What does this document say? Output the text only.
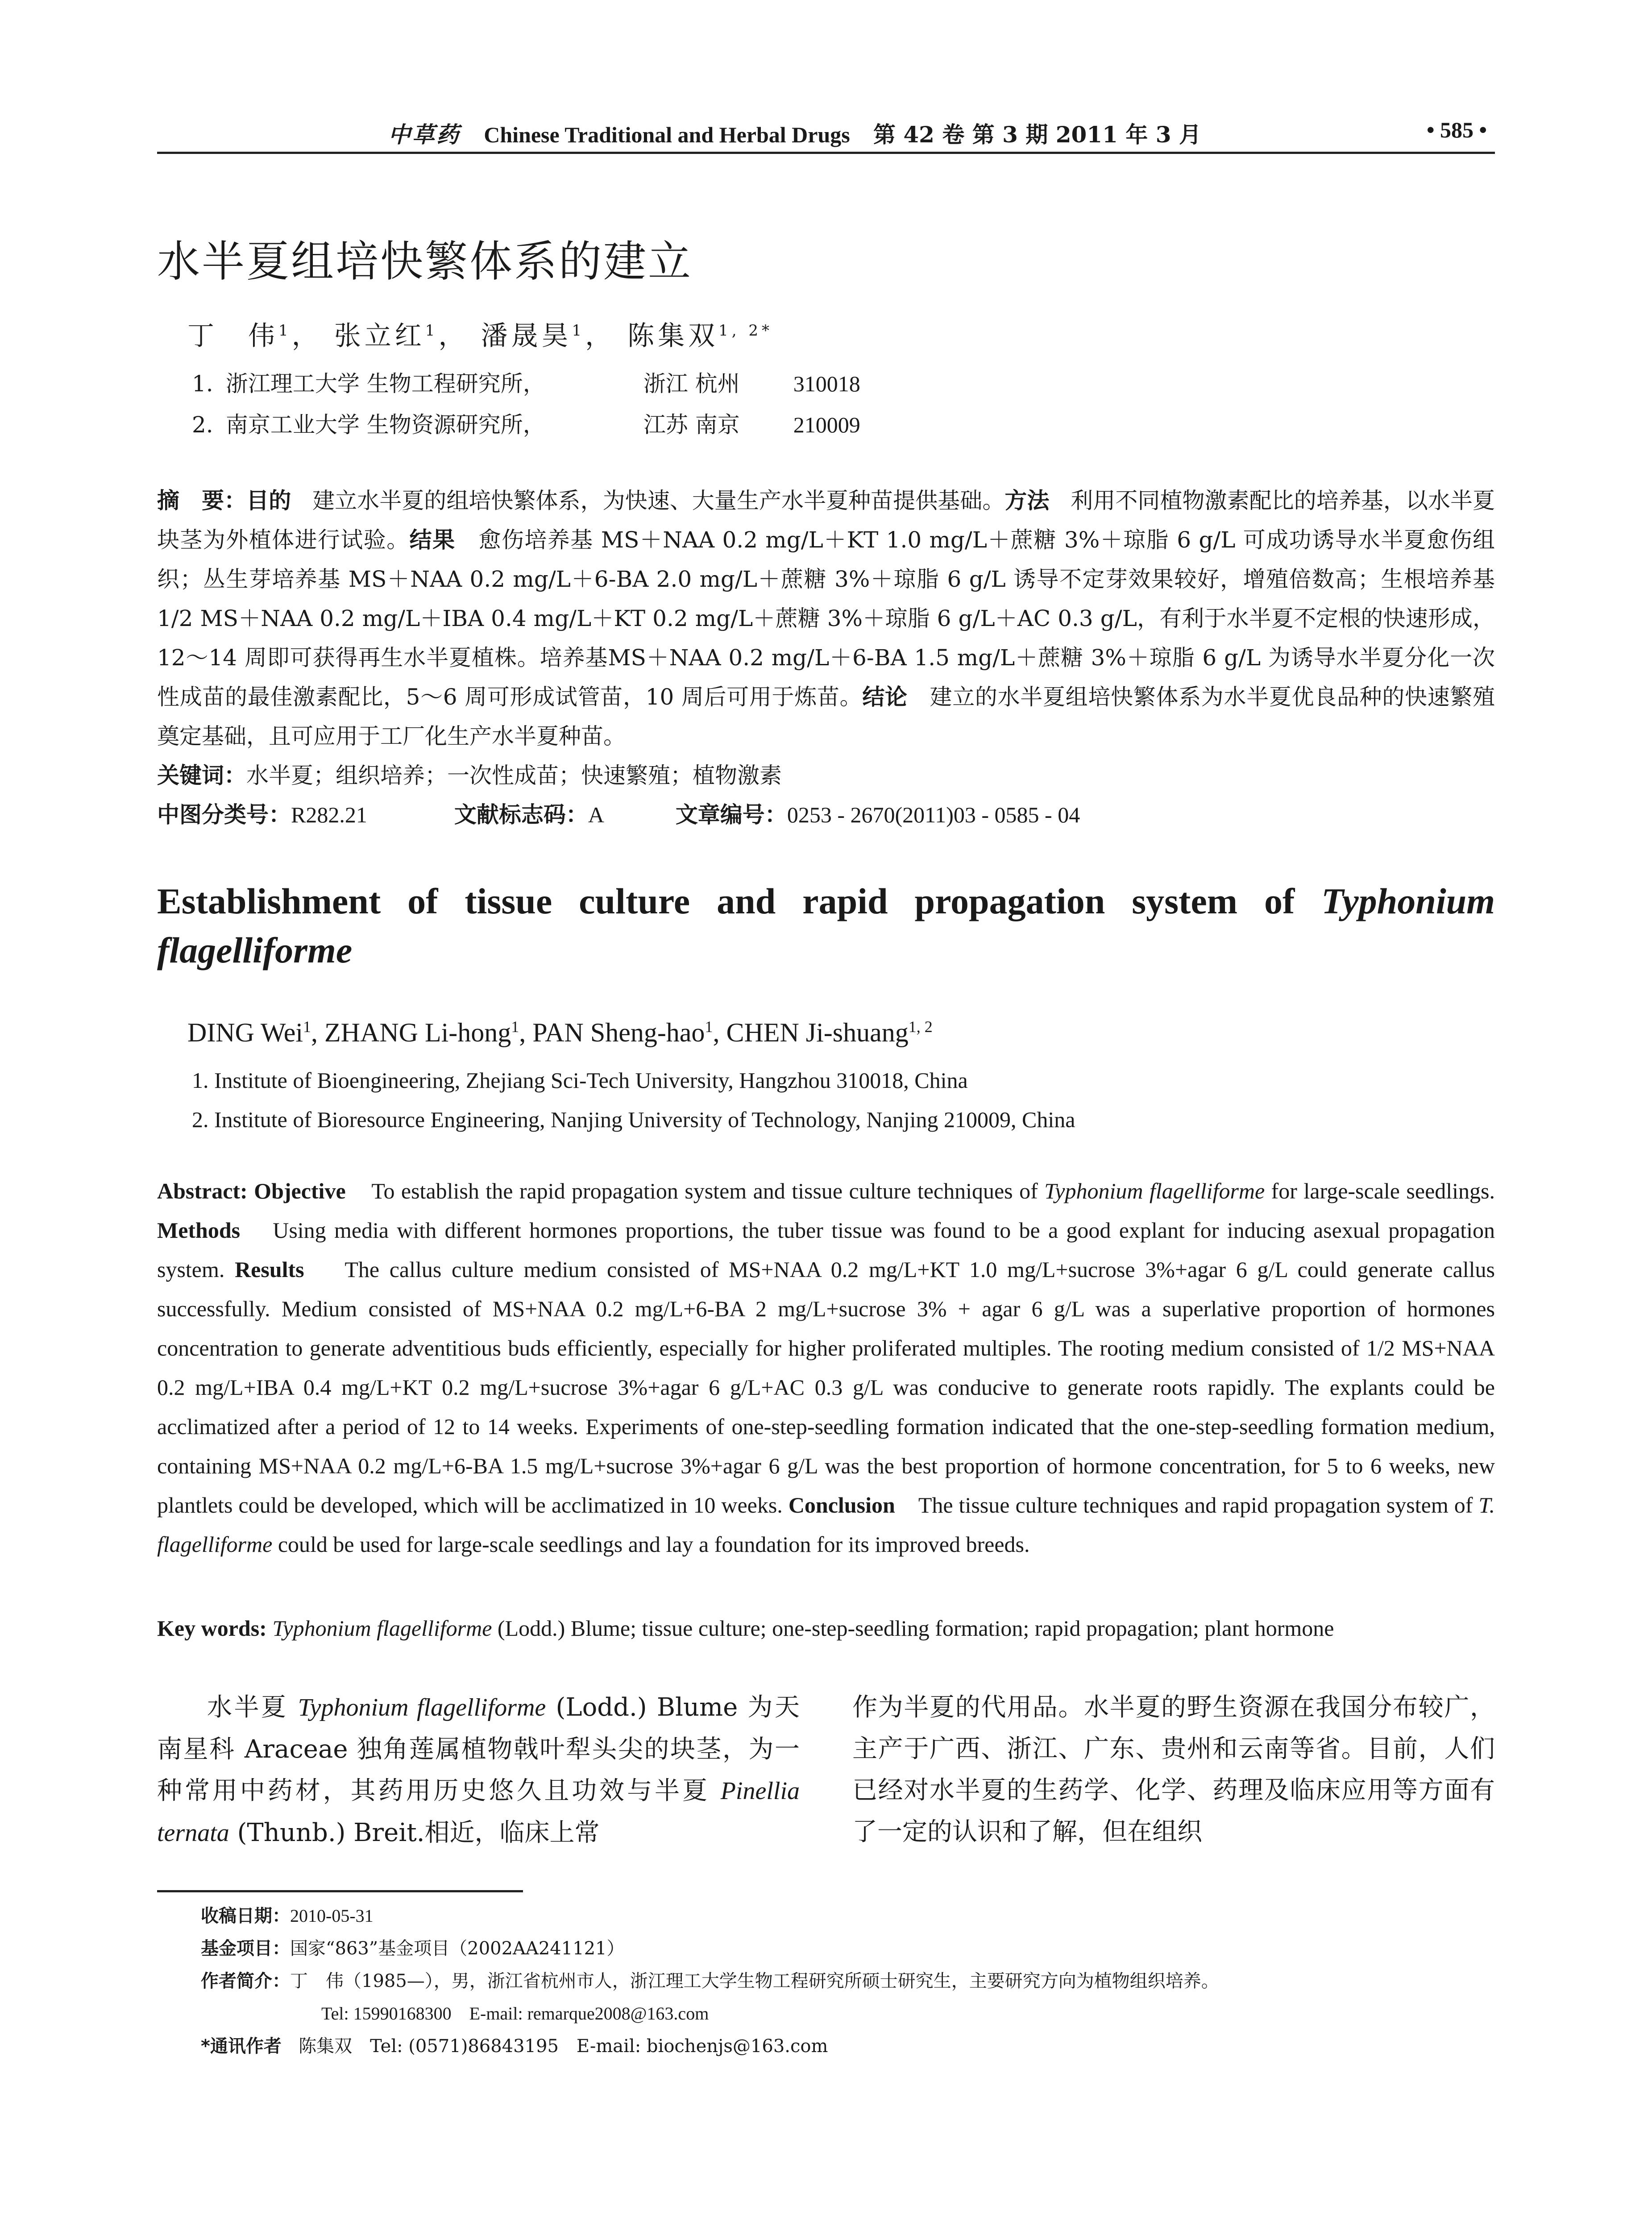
中草药 Chinese Traditional and Herbal Drugs 第 42 卷 第 3 期 2011 年 3 月	• 585 •
水半夏组培快繁体系的建立
丁　伟$^1$， 张立红$^1$， 潘晟昊$^1$， 陈集双$^{1, 2*}$
1. 浙江理工大学 生物工程研究所，	浙江 杭州 310018
2. 南京工业大学 生物资源研究所，	江苏 南京 210009
摘　要：目的 建立水半夏的组培快繁体系，为快速、大量生产水半夏种苗提供基础。方法 利用不同植物激素配比的培养基，以水半夏块茎为外植体进行试验。结果 愈伤培养基 MS＋NAA 0.2 mg/L＋KT 1.0 mg/L＋蔗糖 3%＋琼脂 6 g/L 可成功诱导水半夏愈伤组织；丛生芽培养基 MS＋NAA 0.2 mg/L＋6-BA 2.0 mg/L＋蔗糖 3%＋琼脂 6 g/L 诱导不定芽效果较好，增殖倍数高；生根培养基 1/2 MS＋NAA 0.2 mg/L＋IBA 0.4 mg/L＋KT 0.2 mg/L＋蔗糖 3%＋琼脂 6 g/L＋AC 0.3 g/L，有利于水半夏不定根的快速形成，12～14 周即可获得再生水半夏植株。培养基MS＋NAA 0.2 mg/L＋6-BA 1.5 mg/L＋蔗糖 3%＋琼脂 6 g/L 为诱导水半夏分化一次性成苗的最佳激素配比，5～6 周可形成试管苗，10 周后可用于炼苗。结论 建立的水半夏组培快繁体系为水半夏优良品种的快速繁殖奠定基础，且可应用于工厂化生产水半夏种苗。
关键词：水半夏；组织培养；一次性成苗；快速繁殖；植物激素
中图分类号：R282.21	文献标志码：A	文章编号：0253 - 2670(2011)03 - 0585 - 04
Establishment of tissue culture and rapid propagation system of Typhonium flagelliforme
DING Wei$^1$, ZHANG Li-hong$^1$, PAN Sheng-hao$^1$, CHEN Ji-shuang$^{1, 2}$
1. Institute of Bioengineering, Zhejiang Sci-Tech University, Hangzhou 310018, China
2. Institute of Bioresource Engineering, Nanjing University of Technology, Nanjing 210009, China
Abstract: Objective To establish the rapid propagation system and tissue culture techniques of Typhonium flagelliforme for large-scale seedlings. Methods Using media with different hormones proportions, the tuber tissue was found to be a good explant for inducing asexual propagation system. Results The callus culture medium consisted of MS+NAA 0.2 mg/L+KT 1.0 mg/L+sucrose 3%+agar 6 g/L could generate callus successfully. Medium consisted of MS+NAA 0.2 mg/L+6-BA 2 mg/L+sucrose 3% + agar 6 g/L was a superlative proportion of hormones concentration to generate adventitious buds efficiently, especially for higher proliferated multiples. The rooting medium consisted of 1/2 MS+NAA 0.2 mg/L+IBA 0.4 mg/L+KT 0.2 mg/L+sucrose 3%+agar 6 g/L+AC 0.3 g/L was conducive to generate roots rapidly. The explants could be acclimatized after a period of 12 to 14 weeks. Experiments of one-step-seedling formation indicated that the one-step-seedling formation medium, containing MS+NAA 0.2 mg/L+6-BA 1.5 mg/L+sucrose 3%+agar 6 g/L was the best proportion of hormone concentration, for 5 to 6 weeks, new plantlets could be developed, which will be acclimatized in 10 weeks. Conclusion The tissue culture techniques and rapid propagation system of T. flagelliforme could be used for large-scale seedlings and lay a foundation for its improved breeds.
Key words: Typhonium flagelliforme (Lodd.) Blume; tissue culture; one-step-seedling formation; rapid propagation; plant hormone
水半夏 Typhonium flagelliforme (Lodd.) Blume 为天南星科 Araceae 独角莲属植物戟叶犁头尖的块茎，为一种常用中药材，其药用历史悠久且功效与半夏 Pinellia ternata (Thunb.) Breit.相近，临床上常
作为半夏的代用品。水半夏的野生资源在我国分布较广，主产于广西、浙江、广东、贵州和云南等省。目前，人们已经对水半夏的生药学、化学、药理及临床应用等方面有了一定的认识和了解，但在组织
收稿日期：2010-05-31
基金项目：国家“863”基金项目（2002AA241121）
作者简介：丁　伟（1985—），男，浙江省杭州市人，浙江理工大学生物工程研究所硕士研究生，主要研究方向为植物组织培养。
Tel: 15990168300　E-mail: remarque2008@163.com
*通讯作者 陈集双　Tel: (0571)86843195　E-mail: biochenjs@163.com
